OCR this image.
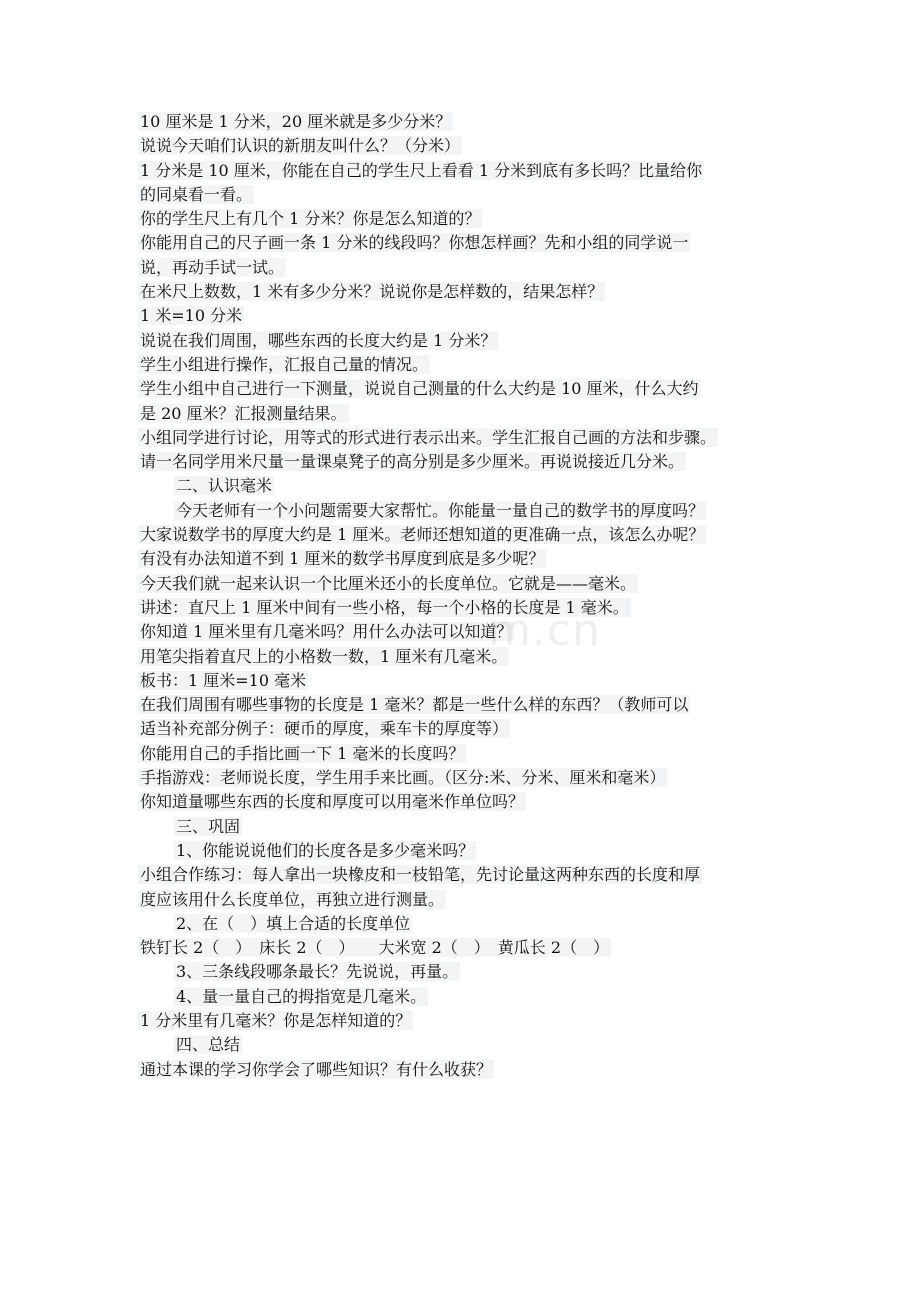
10 厘米是 1 分米，20 厘米就是多少分米？
说说今天咱们认识的新朋友叫什么？（分米）
1 分米是 10 厘米，你能在自己的学生尺上看看 1 分米到底有多长吗？比量给你
的同桌看一看。
你的学生尺上有几个 1 分米？你是怎么知道的？
你能用自己的尺子画一条 1 分米的线段吗？你想怎样画？先和小组的同学说一
说，再动手试一试。
在米尺上数数，1 米有多少分米？说说你是怎样数的，结果怎样？
1 米=10 分米
说说在我们周围，哪些东西的长度大约是 1 分米？
学生小组进行操作，汇报自己量的情况。
学生小组中自己进行一下测量，说说自己测量的什么大约是 10 厘米，什么大约
是 20 厘米？汇报测量结果。
小组同学进行讨论，用等式的形式进行表示出来。学生汇报自己画的方法和步骤。
请一名同学用米尺量一量课桌凳子的高分别是多少厘米。再说说接近几分米。
二、认识毫米
今天老师有一个小问题需要大家帮忙。你能量一量自己的数学书的厚度吗？
大家说数学书的厚度大约是 1 厘米。老师还想知道的更准确一点，该怎么办呢？
有没有办法知道不到 1 厘米的数学书厚度到底是多少呢？
今天我们就一起来认识一个比厘米还小的长度单位。它就是——毫米。
讲述：直尺上 1 厘米中间有一些小格，每一个小格的长度是 1 毫米。
你知道 1 厘米里有几毫米吗？用什么办法可以知道？
用笔尖指着直尺上的小格数一数，1 厘米有几毫米。
板书：1 厘米=10 毫米
在我们周围有哪些事物的长度是 1 毫米？都是一些什么样的东西？（教师可以
适当补充部分例子：硬币的厚度，乘车卡的厚度等）
你能用自己的手指比画一下 1 毫米的长度吗？
手指游戏：老师说长度，学生用手来比画。（区分:米、分米、厘米和毫米）
你知道量哪些东西的长度和厚度可以用毫米作单位吗？
三、巩固
1、你能说说他们的长度各是多少毫米吗？
小组合作练习：每人拿出一块橡皮和一枝铅笔，先讨论量这两种东西的长度和厚
度应该用什么长度单位，再独立进行测量。
2、在（　）填上合适的长度单位
铁钉长 2（　）　床长 2（　）　　大米宽 2（　）　黄瓜长 2（　）
3、三条线段哪条最长？先说说，再量。
4、量一量自己的拇指宽是几毫米。
1 分米里有几毫米？你是怎样知道的？
四、总结
通过本课的学习你学会了哪些知识？有什么收获？
m.cn
